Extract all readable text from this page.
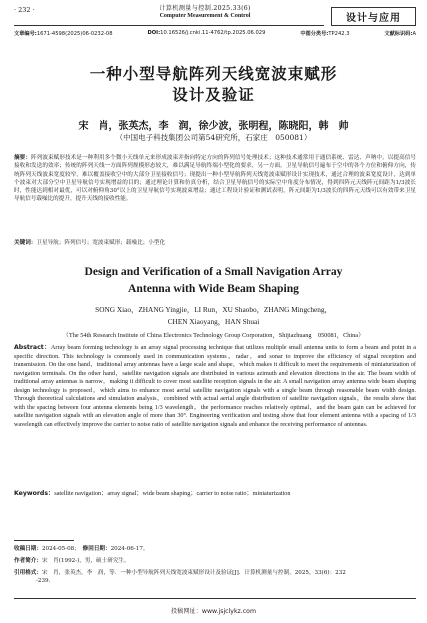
· 232 ·	计算机测量与控制.2025.33(6)
Computer Measurement & Control	设计与应用
文章编号:1671-4598(2025)06-0232-08	DOI:10.16526/j.cnki.11-4762/tp.2025.06.029	中图分类号:TP242.3	文献标识码:A
一种小型导航阵列天线宽波束赋形
设计及验证
宋　肖，张英杰，李　润，徐少波，张明程，陈晓阳，韩　帅
（中国电子科技集团公司第54研究所，石家庄　050081）
摘要：阵列波束赋形技术是一种利用多个微小天线单元来形成波束并指向特定方向的阵列信号处理技术；这种技术通常用于通信系统、雷达、声呐中，以提高信号接收和发送的效率；传统的阵列天线一方面阵列规模形态较大，难以满足导航终端小型化的要求，另一方面，卫星导航信号遍布于空中的各个方位和俯仰方向，传统阵列天线波束宽度较窄，难以覆盖接收空中的大部分卫星接收信号；现提出一种小型导航阵列天线宽波束赋形设计实现技术，通过合理的波束宽度设计，达到单个波束对大部分空中卫星导航信号实现增益的目的；通过理论计算和仿真分析，结合卫星导航信号的实际空中角度分布情况，得到四阵元天线阵元间距为1/3波长时，性能达到相对最优，可以对俯仰角30°以上的卫星导航信号实现波束增益；通过工程设计验证和测试表明，阵元间距为1/3波长的四阵元天线可以有效带来卫星导航信号载噪比的提升，提升天线的接收性能。
关键词：卫星导航；阵列信号；宽波束赋形；载噪比；小型化
Design and Verification of a Small Navigation Array
Antenna with Wide Beam Shaping
SONG Xiao，ZHANG Yingjie，LI Run，XU Shaobo，ZHANG Mingcheng，
CHEN Xiaoyang，HAN Shuai
（The 54th Research Institute of China Electronics Technology Group Corporation，Shijiazhuang　050081，China）
Abstract：Array beam forming technology is an array signal processing technique that utilizes multiple small antenna units to form a beam and point in a specific direction. This technology is commonly used in communication systems，radar，and sonar to improve the efficiency of signal reception and transmission. On the one hand，traditional array antennas have a large scale and shape，which makes it difficult to meet the requirements of miniaturization of navigation terminals. On the other hand，satellite navigation signals are distributed in various azimuth and elevation directions in the air. The beam width of traditional array antennas is narrow，making it difficult to cover most satellite reception signals in the air. A small navigation array antenna wide beam shaping design technology is proposed，which aims to enhance most aerial satellite navigation signals with a single beam through reasonable beam width design. Through theoretical calculations and simulation analysis，combined with actual aerial angle distribution of satellite navigation signals，the results show that with the spacing between four antenna elements being 1/3 wavelength，the performance reaches relatively optimal，and the beam gain can be achieved for satellite navigation signals with an elevation angle of more than 30°. Engineering verification and testing show that four element antenna with a spacing of 1/3 wavelength can effectively improve the carrier to noise ratio of satellite navigation signals and enhance the receiving performance of antennas.
Keywords：satellite navigation；array signal；wide beam shaping；carrier to noise ratio；miniaturization
收稿日期：2024-05-08；　 修回日期：2024-06-17。
作者简介：宋　肖(1992-)，男，硕士研究生。
引用格式：宋　肖，张英杰，李　润，等．一种小型导航阵列天线宽波束赋形设计及验证[J]．计算机测量与控制，2025，33(6)：232
-239.
投稿网址：www.jsjclykz.com
